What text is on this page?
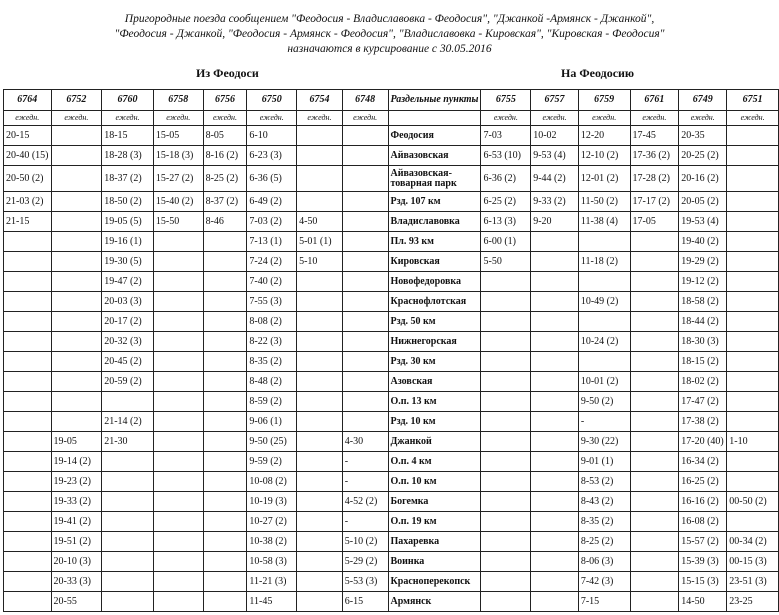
Пригородные поезда сообщением "Феодосия - Владиславовка - Феодосия", "Джанкой -Армянск - Джанкой",
"Феодосия - Джанкой, "Феодосия - Армянск - Феодосия", "Владиславовка - Кировская", "Кировская - Феодосия"
назначаются в курсирование с 30.05.2016
Из Феодоси	На Феодосию
6764	6752	6760	6758	6756	6750	6754	6748	Раздельные пункты	6755	6757	6759	6761	6749	6751
ежедн.	ежедн.	ежедн.	ежедн.	ежедн.	ежедн.	ежедн.	ежедн.		ежедн.	ежедн.	ежедн.	ежедн.	ежедн.	ежедн.
20-15		18-15	15-05	8-05	6-10			Феодосия	7-03	10-02	12-20	17-45	20-35	
20-40 (15)		18-28 (3)	15-18 (3)	8-16 (2)	6-23 (3)			Айвазовская	6-53 (10)	9-53 (4)	12-10 (2)	17-36 (2)	20-25 (2)	
20-50 (2)		18-37 (2)	15-27 (2)	8-25 (2)	6-36 (5)			Айвазовская-товарная парк	6-36 (2)	9-44 (2)	12-01 (2)	17-28 (2)	20-16 (2)	
21-03 (2)		18-50 (2)	15-40 (2)	8-37 (2)	6-49 (2)			Рзд. 107 км	6-25 (2)	9-33 (2)	11-50 (2)	17-17 (2)	20-05 (2)	
21-15		19-05 (5)	15-50	8-46	7-03 (2)	4-50		Владиславовка	6-13 (3)	9-20	11-38 (4)	17-05	19-53 (4)	
		19-16 (1)			7-13 (1)	5-01 (1)		Пл. 93 км	6-00 (1)				19-40 (2)	
		19-30 (5)			7-24 (2)	5-10		Кировская	5-50		11-18 (2)		19-29 (2)	
		19-47 (2)			7-40 (2)			Новофедоровка					19-12 (2)	
		20-03 (3)			7-55 (3)			Краснофлотская			10-49 (2)		18-58 (2)	
		20-17 (2)			8-08 (2)			Рзд. 50 км					18-44 (2)	
		20-32 (3)			8-22 (3)			Нижнегорская			10-24 (2)		18-30 (3)	
		20-45 (2)			8-35 (2)			Рзд. 30 км					18-15 (2)	
		20-59 (2)			8-48 (2)			Азовская			10-01 (2)		18-02 (2)	
					8-59 (2)			О.п. 13 км			9-50 (2)		17-47 (2)	
		21-14 (2)			9-06 (1)			Рзд. 10 км			-		17-38 (2)	
	19-05	21-30			9-50 (25)		4-30	Джанкой			9-30 (22)		17-20 (40)	1-10
	19-14 (2)				9-59 (2)		-	О.п. 4 км			9-01 (1)		16-34 (2)	
	19-23 (2)				10-08 (2)		-	О.п. 10 км			8-53 (2)		16-25 (2)	
	19-33 (2)				10-19 (3)		4-52 (2)	Богемка			8-43 (2)		16-16 (2)	00-50 (2)
	19-41 (2)				10-27 (2)		-	О.п. 19 км			8-35 (2)		16-08 (2)	
	19-51 (2)				10-38 (2)		5-10 (2)	Пахаревка			8-25 (2)		15-57 (2)	00-34 (2)
	20-10 (3)				10-58 (3)		5-29 (2)	Воинка			8-06 (3)		15-39 (3)	00-15 (3)
	20-33 (3)				11-21 (3)		5-53 (3)	Красноперекопск			7-42 (3)		15-15 (3)	23-51 (3)
	20-55				11-45		6-15	Армянск			7-15		14-50	23-25
